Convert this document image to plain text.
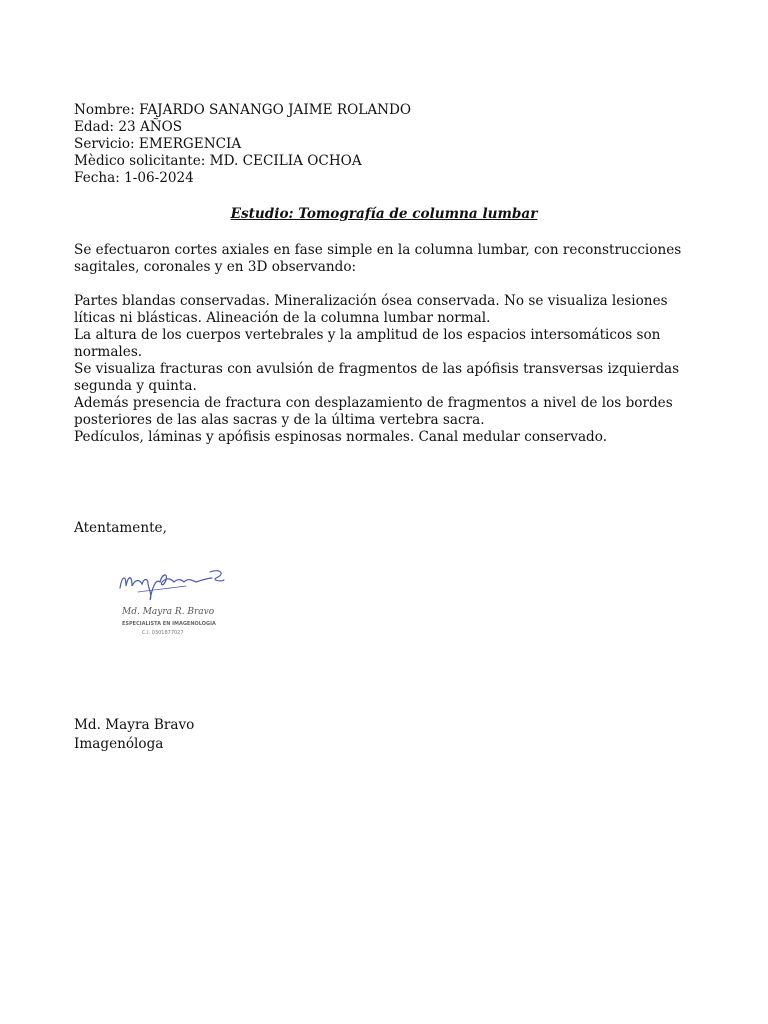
Nombre: FAJARDO SANANGO JAIME ROLANDO
Edad: 23 AÑOS
Servicio: EMERGENCIA
Mèdico solicitante: MD. CECILIA OCHOA
Fecha: 1-06-2024
Estudio: Tomografía de columna lumbar

Se efectuaron cortes axiales en fase simple en la columna lumbar, con reconstrucciones sagitales, coronales y en 3D observando:

Partes blandas conservadas. Mineralización ósea conservada. No se visualiza lesiones líticas ni blásticas. Alineación de la columna lumbar normal.

La altura de los cuerpos vertebrales y la amplitud de los espacios intersomáticos son normales.

Se visualiza fracturas con avulsión de fragmentos de las apófisis transversas izquierdas segunda y quinta.

Además presencia de fractura con desplazamiento de fragmentos a nivel de los bordes posteriores de las alas sacras y de la última vertebra sacra.

Pedículos, láminas y apófisis espinosas normales. Canal medular conservado.

Atentamente,

Md. Mayra R. Bravo
ESPECIALISTA EN IMAGENOLOGIA
C.I. 0301877027
Md. Mayra Bravo
Imagenóloga
